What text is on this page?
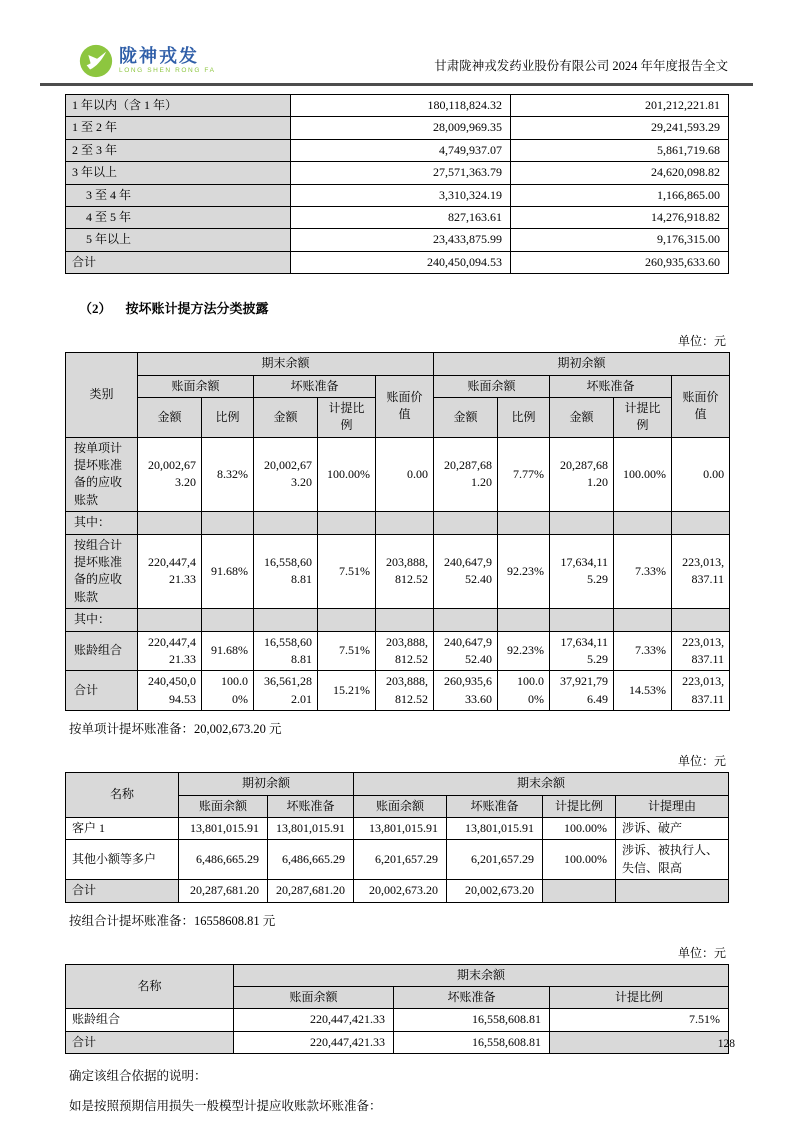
陇神戎发
LONG SHEN RONG FA	甘肃陇神戎发药业股份有限公司 2024 年年度报告全文
1 年以内（含 1 年）	180,118,824.32	201,212,221.81
1 至 2 年	28,009,969.35	29,241,593.29
2 至 3 年	4,749,937.07	5,861,719.68
3 年以上	27,571,363.79	24,620,098.82
3 至 4 年	3,310,324.19	1,166,865.00
4 至 5 年	827,163.61	14,276,918.82
5 年以上	23,433,875.99	9,176,315.00
合计	240,450,094.53	260,935,633.60
（2） 按坏账计提方法分类披露
单位：元
类别	期末余额					期初余额				
	账面余额		坏账准备		账面价值	账面余额		坏账准备		账面价值
	金额	比例	金额	计提比例		金额	比例	金额	计提比例	
按单项计提坏账准备的应收账款	20,002,673.20	8.32%	20,002,673.20	100.00%	0.00	20,287,681.20	7.77%	20,287,681.20	100.00%	0.00
其中：										
按组合计提坏账准备的应收账款	220,447,421.33	91.68%	16,558,608.81	7.51%	203,888,812.52	240,647,952.40	92.23%	17,634,115.29	7.33%	223,013,837.11
其中：										
账龄组合	220,447,421.33	91.68%	16,558,608.81	7.51%	203,888,812.52	240,647,952.40	92.23%	17,634,115.29	7.33%	223,013,837.11
合计	240,450,094.53	100.00%	36,561,282.01	15.21%	203,888,812.52	260,935,633.60	100.00%	37,921,796.49	14.53%	223,013,837.11
按单项计提坏账准备：20,002,673.20 元
单位：元
名称	期初余额		期末余额			
	账面余额	坏账准备	账面余额	坏账准备	计提比例	计提理由
客户 1	13,801,015.91	13,801,015.91	13,801,015.91	13,801,015.91	100.00%	涉诉、破产
其他小额等多户	6,486,665.29	6,486,665.29	6,201,657.29	6,201,657.29	100.00%	涉诉、被执行人、失信、限高
合计	20,287,681.20	20,287,681.20	20,002,673.20	20,002,673.20		
按组合计提坏账准备：16558608.81 元
单位：元
名称	期末余额		
	账面余额	坏账准备	计提比例
账龄组合	220,447,421.33	16,558,608.81	7.51%
合计	220,447,421.33	16,558,608.81	
确定该组合依据的说明：
如是按照预期信用损失一般模型计提应收账款坏账准备：
128
